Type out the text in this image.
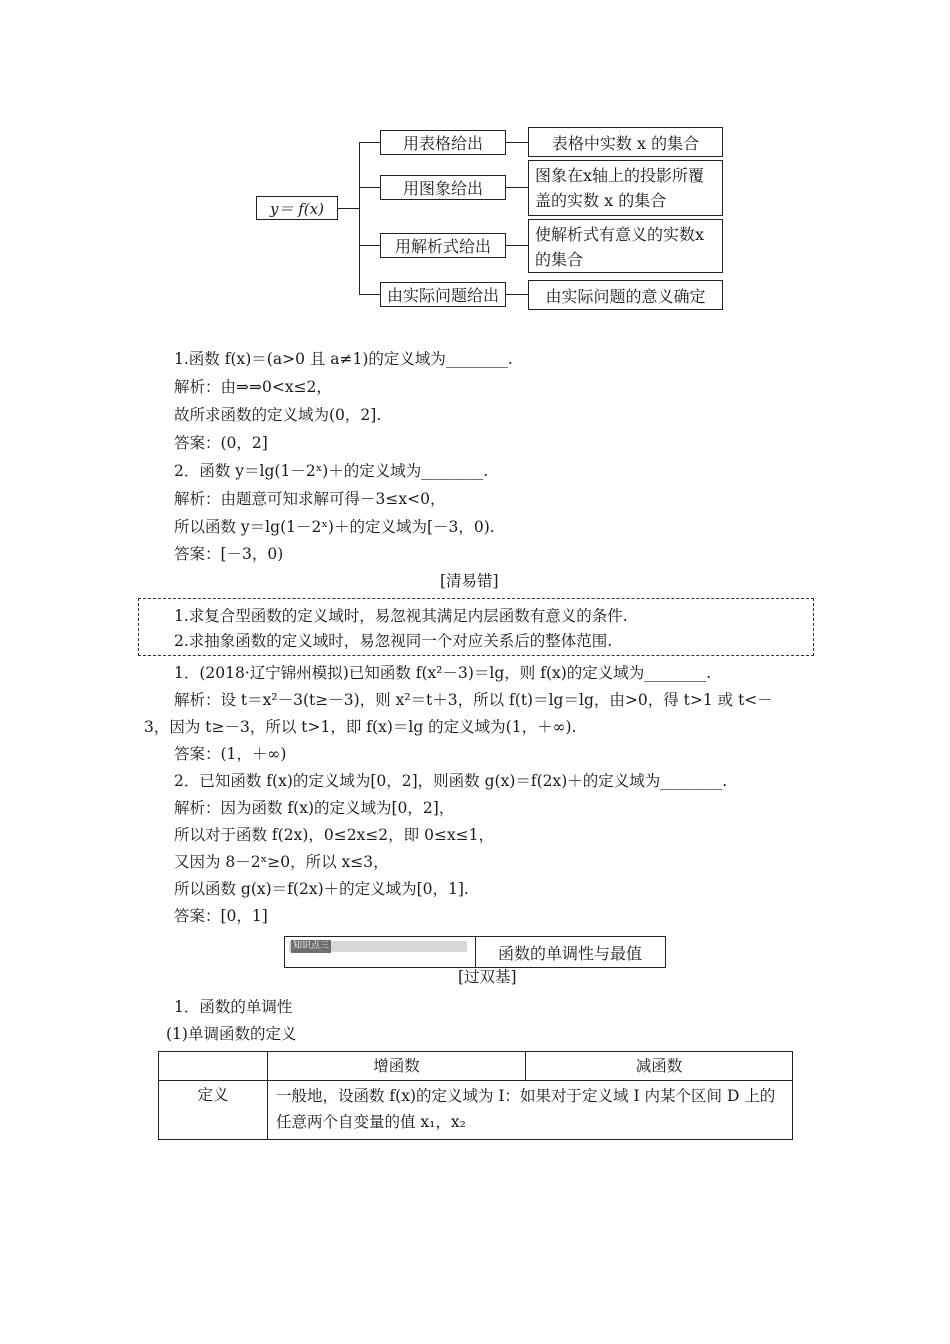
y＝ f(x)
用表格给出
用图象给出
用解析式给出
由实际问题给出
表格中实数 x 的集合
图象在x轴上的投影所覆盖的实数 x 的集合
使解析式有意义的实数x的集合
由实际问题的意义确定
1.函数 f(x)＝(a>0 且 a≠1)的定义域为________.
解析：由⇒⇒0<x≤2，
故所求函数的定义域为(0，2].
答案：(0，2]
2．函数 y＝lg(1－2ˣ)＋的定义域为________.
解析：由题意可知求解可得－3≤x<0，
所以函数 y＝lg(1－2ˣ)＋的定义域为[－3，0).
答案：[－3，0)
[清易错]
1.求复合型函数的定义域时，易忽视其满足内层函数有意义的条件.
2.求抽象函数的定义域时，易忽视同一个对应关系后的整体范围.
1．(2018·辽宁锦州模拟)已知函数 f(x²－3)＝lg，则 f(x)的定义域为________.
解析：设 t＝x²－3(t≥－3)，则 x²＝t＋3，所以 f(t)＝lg＝lg，由>0，得 t>1 或 t<－
3，因为 t≥－3，所以 t>1，即 f(x)＝lg 的定义域为(1，＋∞).
答案：(1，＋∞)
2．已知函数 f(x)的定义域为[0，2]，则函数 g(x)＝f(2x)＋的定义域为________.
解析：因为函数 f(x)的定义域为[0，2]，
所以对于函数 f(2x)，0≤2x≤2，即 0≤x≤1，
又因为 8－2ˣ≥0，所以 x≤3，
所以函数 g(x)＝f(2x)＋的定义域为[0，1].
答案：[0，1]
知识点三	函数的单调性与最值
[过双基]
1．函数的单调性
(1)单调函数的定义
	增函数	减函数
定义	一般地，设函数 f(x)的定义域为 I：如果对于定义域 I 内某个区间 D 上的任意两个自变量的值 x₁，x₂	
